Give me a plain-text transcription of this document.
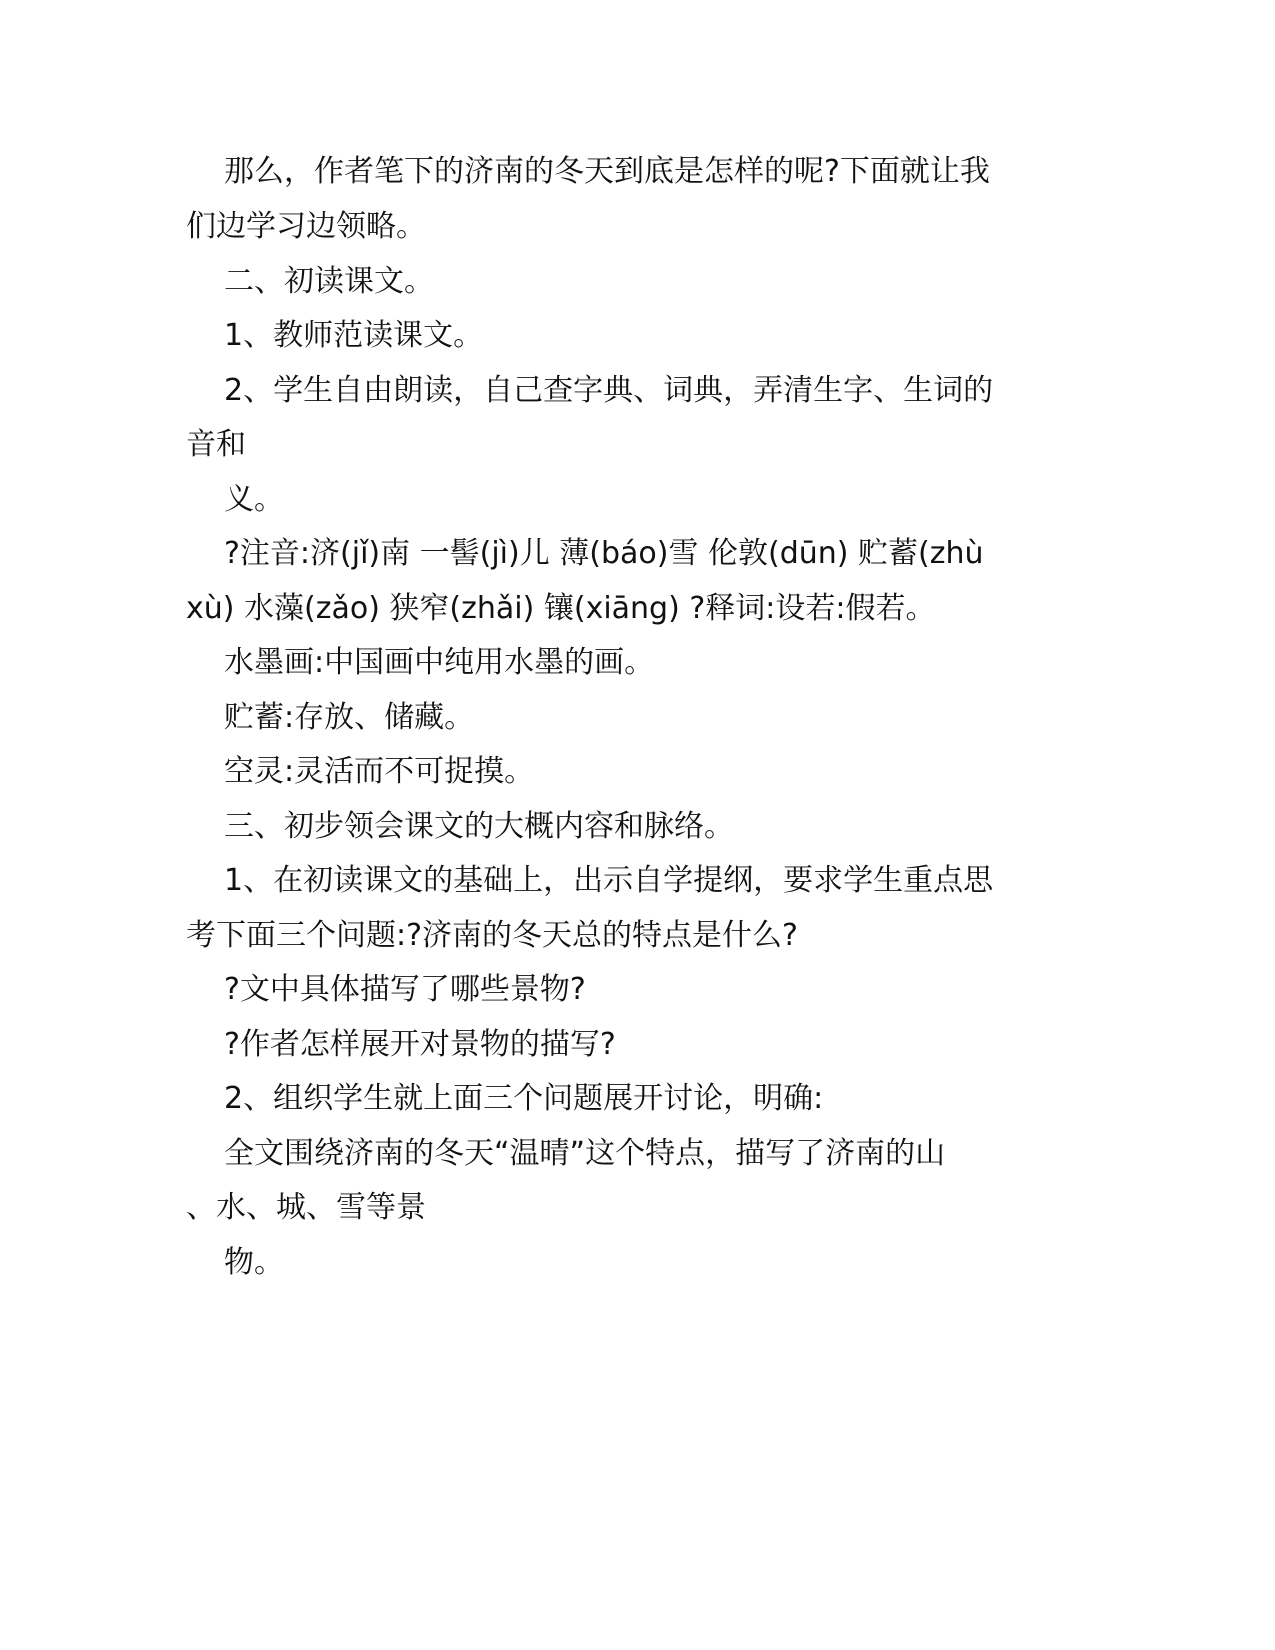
那么，作者笔下的济南的冬天到底是怎样的呢?下面就让我
们边学习边领略。
二、初读课文。
1、教师范读课文。
2、学生自由朗读，自己查字典、词典，弄清生字、生词的
音和
义。
?注音:济(jǐ)南 一髻(jì)儿 薄(báo)雪 伦敦(dūn) 贮蓄(zhù
xù) 水藻(zǎo) 狭窄(zhǎi) 镶(xiāng) ?释词:设若:假若。
水墨画:中国画中纯用水墨的画。
贮蓄:存放、储藏。
空灵:灵活而不可捉摸。
三、初步领会课文的大概内容和脉络。
1、在初读课文的基础上，出示自学提纲，要求学生重点思
考下面三个问题:?济南的冬天总的特点是什么?
?文中具体描写了哪些景物?
?作者怎样展开对景物的描写?
2、组织学生就上面三个问题展开讨论，明确:
全文围绕济南的冬天“温晴”这个特点，描写了济南的山
、水、城、雪等景
物。
